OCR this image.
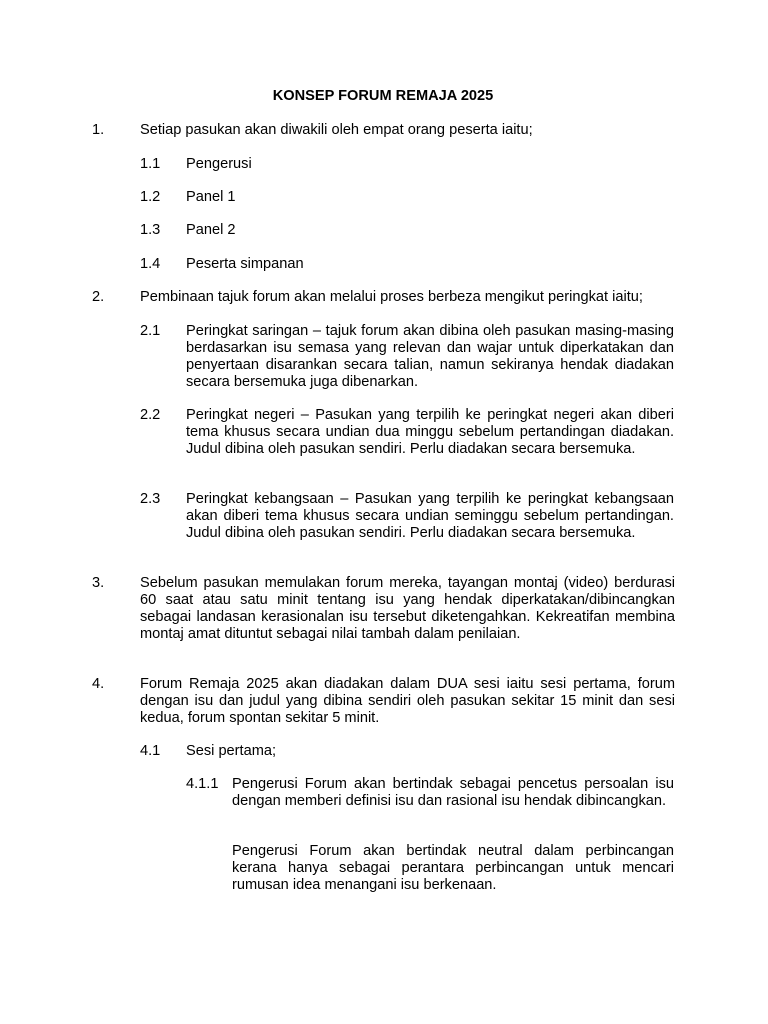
KONSEP FORUM REMAJA 2025
1. Setiap pasukan akan diwakili oleh empat orang peserta iaitu;
1.1 Pengerusi
1.2 Panel 1
1.3 Panel 2
1.4 Peserta simpanan
2. Pembinaan tajuk forum akan melalui proses berbeza mengikut peringkat iaitu;
2.1 Peringkat saringan – tajuk forum akan dibina oleh pasukan masing-masing berdasarkan isu semasa yang relevan dan wajar untuk diperkatakan dan penyertaan disarankan secara talian, namun sekiranya hendak diadakan secara bersemuka juga dibenarkan.
2.2 Peringkat negeri – Pasukan yang terpilih ke peringkat negeri akan diberi tema khusus secara undian dua minggu sebelum pertandingan diadakan. Judul dibina oleh pasukan sendiri. Perlu diadakan secara bersemuka.
2.3 Peringkat kebangsaan – Pasukan yang terpilih ke peringkat kebangsaan akan diberi tema khusus secara undian seminggu sebelum pertandingan. Judul dibina oleh pasukan sendiri. Perlu diadakan secara bersemuka.
3. Sebelum pasukan memulakan forum mereka, tayangan montaj (video) berdurasi 60 saat atau satu minit tentang isu yang hendak diperkatakan/dibincangkan sebagai landasan kerasionalan isu tersebut diketengahkan. Kekreatifan membina montaj amat dituntut sebagai nilai tambah dalam penilaian.
4. Forum Remaja 2025 akan diadakan dalam DUA sesi iaitu sesi pertama, forum dengan isu dan judul yang dibina sendiri oleh pasukan sekitar 15 minit dan sesi kedua, forum spontan sekitar 5 minit.
4.1 Sesi pertama;
4.1.1 Pengerusi Forum akan bertindak sebagai pencetus persoalan isu dengan memberi definisi isu dan rasional isu hendak dibincangkan.
Pengerusi Forum akan bertindak neutral dalam perbincangan kerana hanya sebagai perantara perbincangan untuk mencari rumusan idea menangani isu berkenaan.
